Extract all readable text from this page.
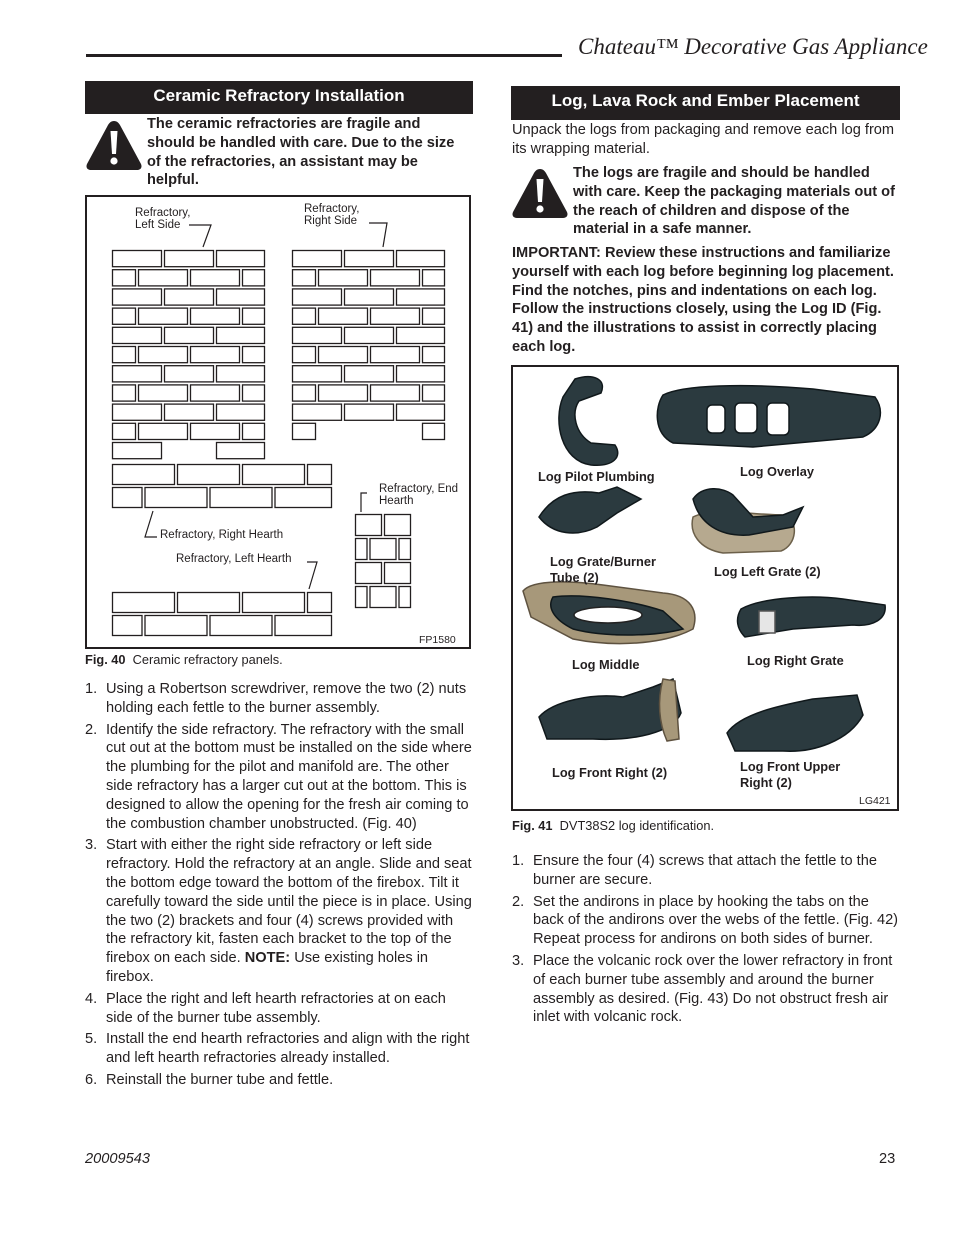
Chateau™ Decorative Gas Appliance
Ceramic Refractory Installation
The ceramic refractories are fragile and should be handled with care. Due to the size of the refractories, an assistant may be helpful.
Refractory,
Left Side
Refractory,
Right Side
Refractory, End
Hearth
Refractory, Right Hearth
Refractory, Left Hearth
FP1580
Fig. 40 Ceramic refractory panels.
1. Using a Robertson screwdriver, remove the two (2) nuts holding each fettle to the burner assembly.
2. Identify the side refractory. The refractory with the small cut out at the bottom must be installed on the side where the plumbing for the pilot and manifold are. The other side refractory has a larger cut out at the bottom. This is designed to allow the opening for the fresh air coming to the combustion chamber unobstructed. (Fig. 40)
3. Start with either the right side refractory or left side refractory. Hold the refractory at an angle. Slide and seat the bottom edge toward the bottom of the firebox. Tilt it carefully toward the side until the piece is in place. Using the two (2) brackets and four (4) screws provided with the refractory kit, fasten each bracket to the top of the firebox on each side. NOTE: Use existing holes in firebox.
4. Place the right and left hearth refractories at on each side of the burner tube assembly.
5. Install the end hearth refractories and align with the right and left hearth refractories already installed.
6. Reinstall the burner tube and fettle.
Log, Lava Rock and Ember Placement
Unpack the logs from packaging and remove each log from its wrapping material.
The logs are fragile and should be handled with care. Keep the packaging materials out of the reach of children and dispose of the material in a safe manner.
IMPORTANT: Review these instructions and familiarize yourself with each log before beginning log placement. Find the notches, pins and indentations on each log. Follow the instructions closely, using the Log ID (Fig. 41) and the illustrations to assist in correctly placing each log.
Log Pilot Plumbing	Log Overlay
Log Grate/Burner
Tube (2)	Log Left Grate (2)
Log Middle	Log Right Grate
Log Front Right (2)	Log Front Upper
Right (2)
LG421
Fig. 41 DVT38S2 log identification.
1. Ensure the four (4) screws that attach the fettle to the burner are secure.
2. Set the andirons in place by hooking the tabs on the back of the andirons over the webs of the fettle. (Fig. 42) Repeat process for andirons on both sides of burner.
3. Place the volcanic rock over the lower refractory in front of each burner tube assembly and around the burner assembly as desired. (Fig. 43) Do not obstruct fresh air inlet with volcanic rock.
20009543	23
